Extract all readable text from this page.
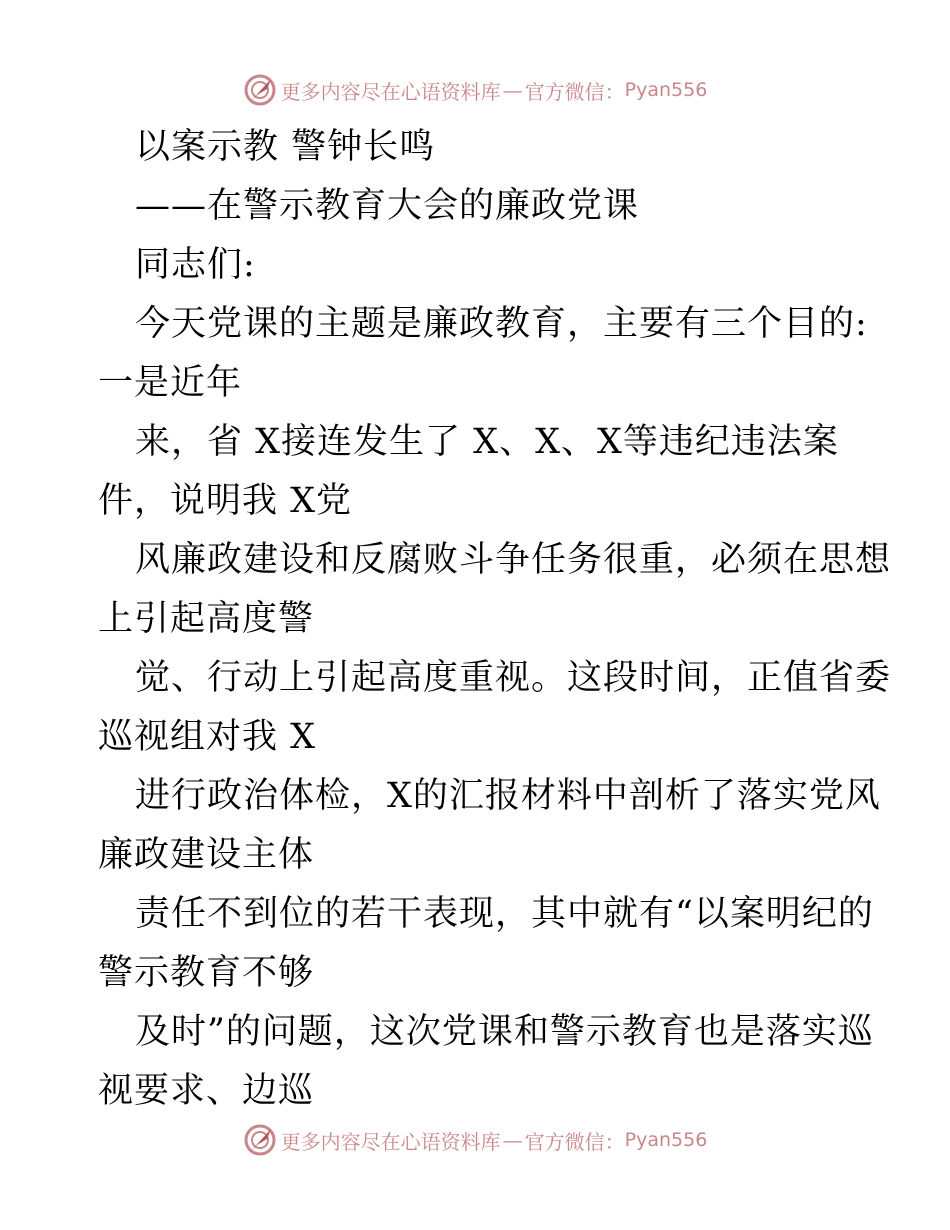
更多内容尽在心语资料库 — 官方微信： Pyan556
以案示教 警钟长鸣
——在警示教育大会的廉政党课
同志们:
今天党课的主题是廉政教育，主要有三个目的:
一是近年
来，省 X接连发生了 X、X、X等违纪违法案
件，说明我 X党
风廉政建设和反腐败斗争任务很重，必须在思想
上引起高度警
觉、行动上引起高度重视。这段时间，正值省委
巡视组对我 X
进行政治体检，X的汇报材料中剖析了落实党风
廉政建设主体
责任不到位的若干表现，其中就有“以案明纪的
警示教育不够
及时”的问题，这次党课和警示教育也是落实巡
视要求、边巡
更多内容尽在心语资料库 — 官方微信： Pyan556
